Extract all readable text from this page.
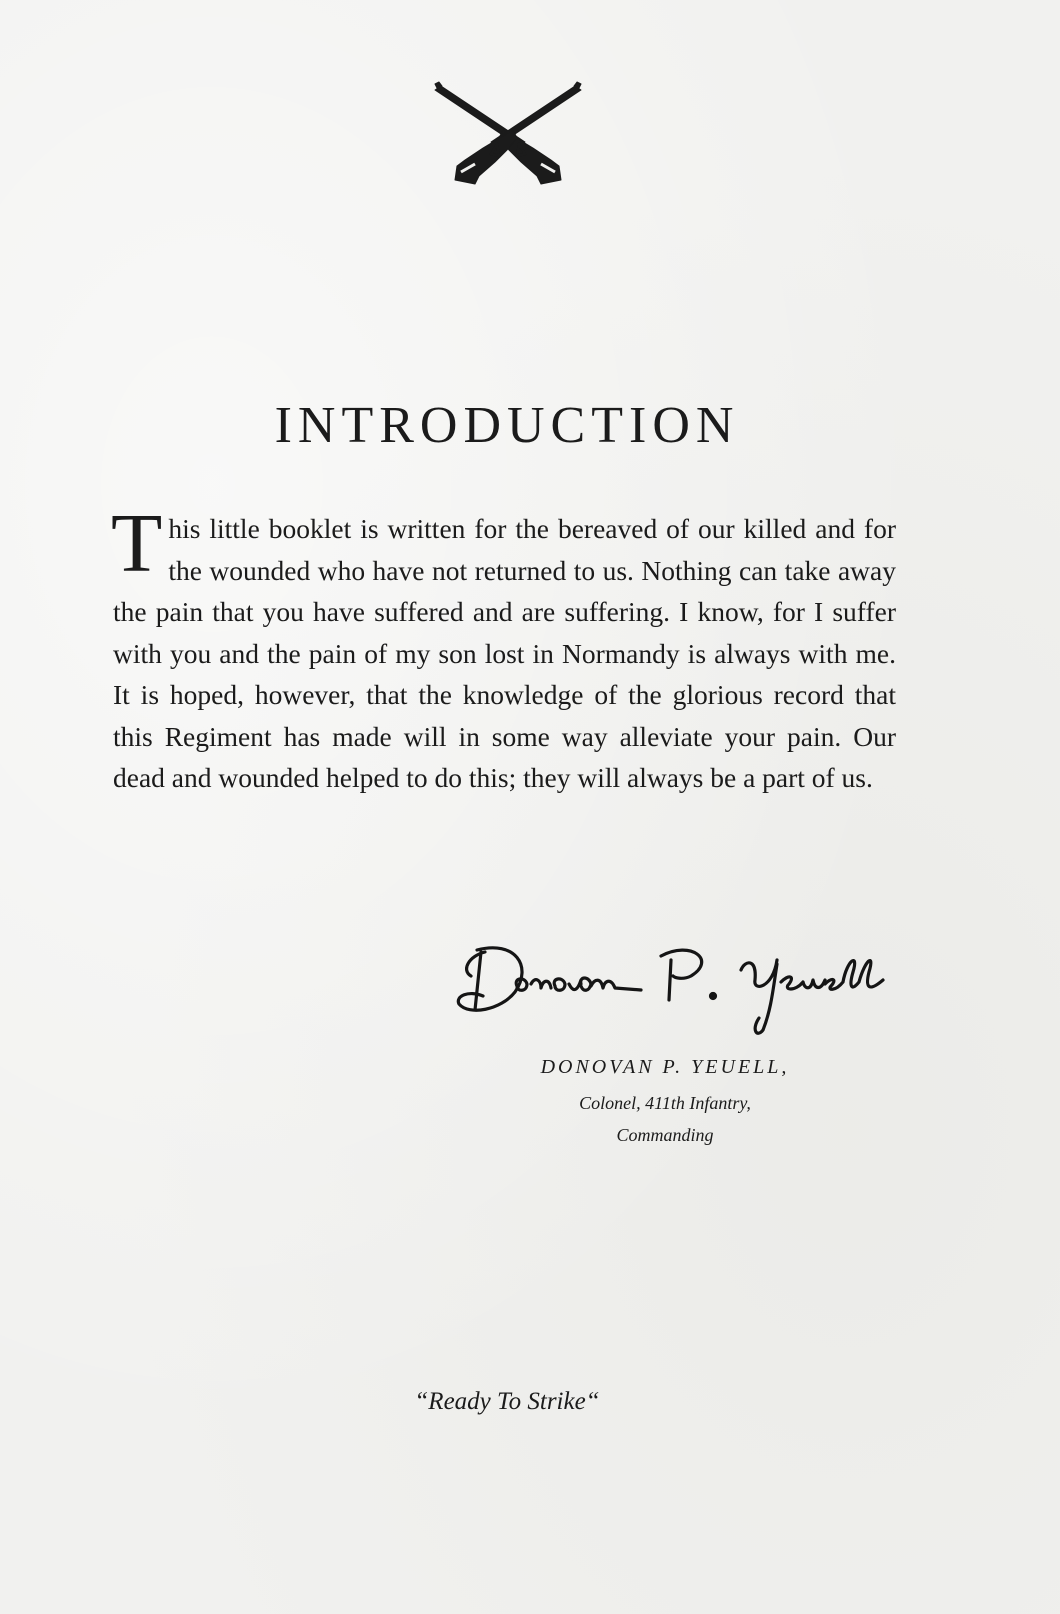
INTRODUCTION

This little booklet is written for the bereaved of our killed and for the wounded who have not returned to us. Nothing can take away the pain that you have suffered and are suffering. I know, for I suffer with you and the pain of my son lost in Normandy is always with me. It is hoped, however, that the knowledge of the glorious record that this Regiment has made will in some way alleviate your pain. Our dead and wounded helped to do this; they will always be a part of us.

DONOVAN P. YEUELL,
Colonel, 411th Infantry,
Commanding
“Ready To Strike“
